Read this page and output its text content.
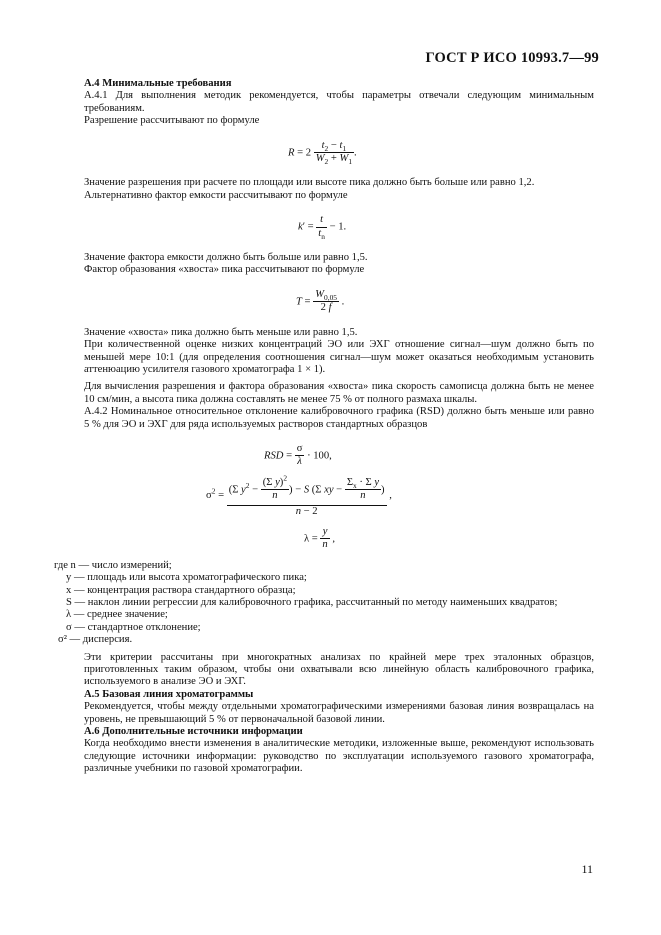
ГОСТ Р ИСО 10993.7—99

А.4 Минимальные требования

А.4.1 Для выполнения методик рекомендуется, чтобы параметры отвечали следующим минимальным требованиям.

Разрешение рассчитывают по формуле

$R = 2 \frac{t_2 - t_1}{W_2 + W_1}$ .

Значение разрешения при расчете по площади или высоте пика должно быть больше или равно 1,2.

Альтернативно фактор емкости рассчитывают по формуле

$k' = \frac{t}{t_n} - 1$.

Значение фактора емкости должно быть больше или равно 1,5.

Фактор образования «хвоста» пика рассчитывают по формуле

$T = \frac{W_{0,05}}{2 f}$ .

Значение «хвоста» пика должно быть меньше или равно 1,5.

При количественной оценке низких концентраций ЭО или ЭХГ отношение сигнал—шум должно быть по меньшей мере 10:1 (для определения соотношения сигнал—шум может оказаться необходимым установить аттенюацию усилителя газового хроматографа 1 × 1).

Для вычисления разрешения и фактора образования «хвоста» пика скорость самописца должна быть не менее 10 см/мин, а высота пика должна составлять не менее 75 % от полного размаха шкалы.

А.4.2 Номинальное относительное отклонение калибровочного графика (RSD) должно быть меньше или равно 5 % для ЭО и ЭХГ для ряда используемых растворов стандартных образцов

RSD = $\frac{\sigma}{\lambda} \cdot 100$,
$\sigma^2$ =
(Σ $y^2 - \frac{(\Sigma y)^2}{n}$ ) − S (Σ xy − $\frac{\Sigma_x \cdot \Sigma y}{n}$ )
n − 2
,
$\lambda = \frac{y}{n}$ ,

где n — число измерений;

y — площадь или высота хроматографического пика;

x — концентрация раствора стандартного образца;

S — наклон линии регрессии для калибровочного графика, рассчитанный по методу наименьших квадратов;

λ — среднее значение;

σ — стандартное отклонение;

σ² — дисперсия.

Эти критерии рассчитаны при многократных анализах по крайней мере трех эталонных образцов, приготовленных таким образом, чтобы они охватывали всю линейную область калибровочного графика, используемого в анализе ЭО и ЭХГ.

А.5 Базовая линия хроматограммы

Рекомендуется, чтобы между отдельными хроматографическими измерениями базовая линия возвращалась на уровень, не превышающий 5 % от первоначальной базовой линии.

А.6 Дополнительные источники информации

Когда необходимо внести изменения в аналитические методики, изложенные выше, рекомендуют использовать следующие источники информации: руководство по эксплуатации используемого газового хроматографа, различные учебники по газовой хроматографии.

11
